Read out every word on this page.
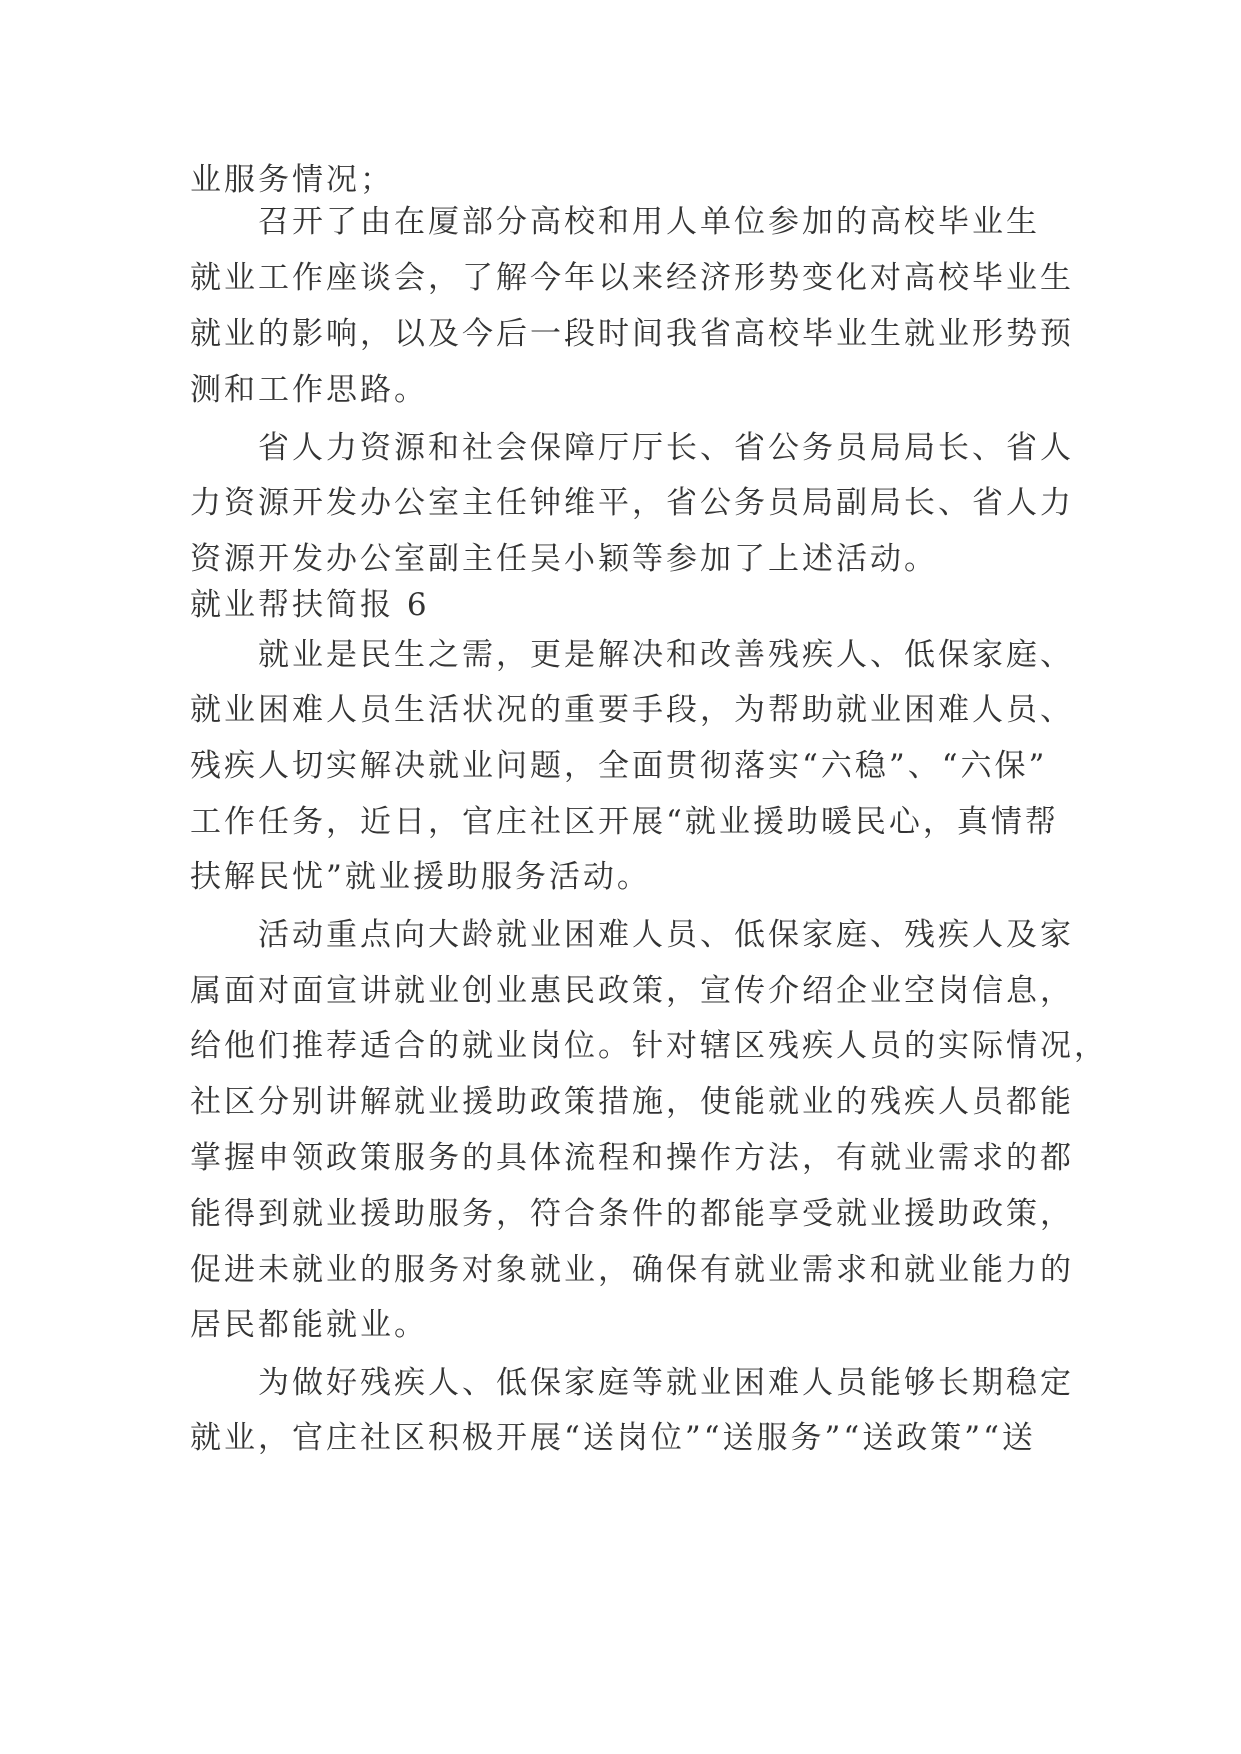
业服务情况；
召开了由在厦部分高校和用人单位参加的高校毕业生
就业工作座谈会，了解今年以来经济形势变化对高校毕业生
就业的影响，以及今后一段时间我省高校毕业生就业形势预
测和工作思路。
省人力资源和社会保障厅厅长、省公务员局局长、省人
力资源开发办公室主任钟维平，省公务员局副局长、省人力
资源开发办公室副主任吴小颖等参加了上述活动。
就业帮扶简报 6
就业是民生之需，更是解决和改善残疾人、低保家庭、
就业困难人员生活状况的重要手段，为帮助就业困难人员、
残疾人切实解决就业问题，全面贯彻落实“六稳”、“六保”
工作任务，近日，官庄社区开展“就业援助暖民心，真情帮
扶解民忧”就业援助服务活动。
活动重点向大龄就业困难人员、低保家庭、残疾人及家
属面对面宣讲就业创业惠民政策，宣传介绍企业空岗信息，
给他们推荐适合的就业岗位。针对辖区残疾人员的实际情况，
社区分别讲解就业援助政策措施，使能就业的残疾人员都能
掌握申领政策服务的具体流程和操作方法，有就业需求的都
能得到就业援助服务，符合条件的都能享受就业援助政策，
促进未就业的服务对象就业，确保有就业需求和就业能力的
居民都能就业。
为做好残疾人、低保家庭等就业困难人员能够长期稳定
就业，官庄社区积极开展“送岗位”“送服务”“送政策”“送
